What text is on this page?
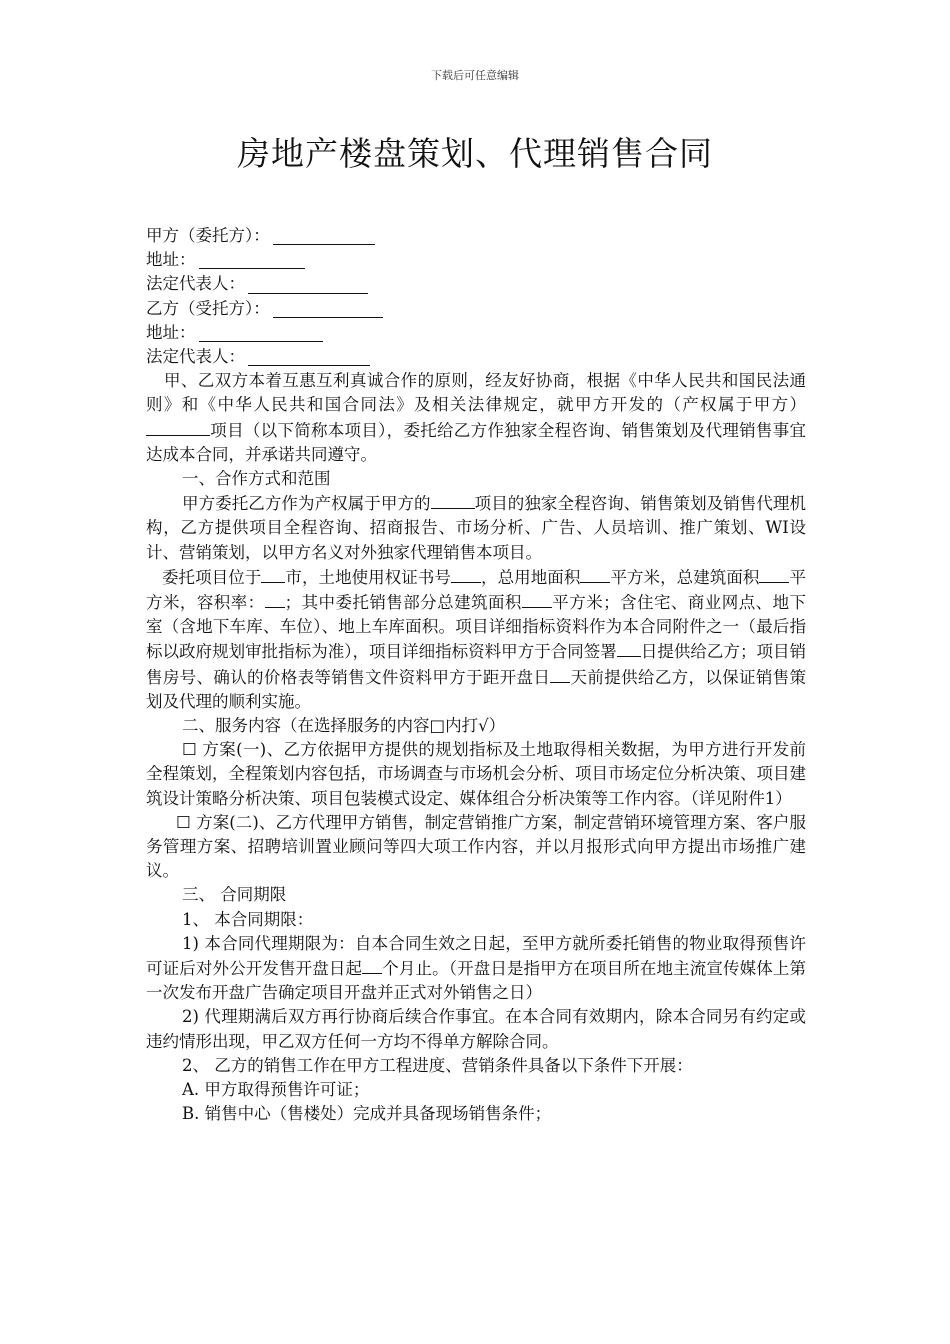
下载后可任意编辑
房地产楼盘策划、代理销售合同
甲方（委托方）：
地址：
法定代表人：
乙方（受托方）：
地址：
法定代表人：
甲、乙双方本着互惠互利真诚合作的原则，经友好协商，根据《中华人民共和国民法通则》和《中华人民共和国合同法》及相关法律规定，就甲方开发的（产权属于甲方）项目（以下简称本项目），委托给乙方作独家全程咨询、销售策划及代理销售事宜达成本合同，并承诺共同遵守。
一、合作方式和范围
甲方委托乙方作为产权属于甲方的	项目的独家全程咨询、销售策划及销售代理机构，乙方提供项目全程咨询、招商报告、市场分析、广告、人员培训、推广策划、WI设计、营销策划，以甲方名义对外独家代理销售本项目。
委托项目位于 市，土地使用权证书号 ，总用地面积 平方米，总建筑面积 平方米，容积率： ；其中委托销售部分总建筑面积 平方米；含住宅、商业网点、地下室（含地下车库、车位）、地上车库面积。项目详细指标资料作为本合同附件之一（最后指标以政府规划审批指标为准），项目详细指标资料甲方于合同签署 日提供给乙方；项目销售房号、确认的价格表等销售文件资料甲方于距开盘日 天前提供给乙方，以保证销售策划及代理的顺利实施。
二、服务内容（在选择服务的内容□内打√）
☐ 方案(一)、乙方依据甲方提供的规划指标及土地取得相关数据，为甲方进行开发前全程策划，全程策划内容包括，市场调查与市场机会分析、项目市场定位分析决策、项目建筑设计策略分析决策、项目包装模式设定、媒体组合分析决策等工作内容。（详见附件1）
☐ 方案(二)、乙方代理甲方销售，制定营销推广方案，制定营销环境管理方案、客户服务管理方案、招聘培训置业顾问等四大项工作内容，并以月报形式向甲方提出市场推广建议。
三、 合同期限
1、 本合同期限：
1) 本合同代理期限为：自本合同生效之日起，至甲方就所委托销售的物业取得预售许可证后对外公开发售开盘日起 个月止。（开盘日是指甲方在项目所在地主流宣传媒体上第一次发布开盘广告确定项目开盘并正式对外销售之日）
2) 代理期满后双方再行协商后续合作事宜。在本合同有效期内，除本合同另有约定或违约情形出现，甲乙双方任何一方均不得单方解除合同。
2、 乙方的销售工作在甲方工程进度、营销条件具备以下条件下开展：
A. 甲方取得预售许可证；
B. 销售中心（售楼处）完成并具备现场销售条件；
